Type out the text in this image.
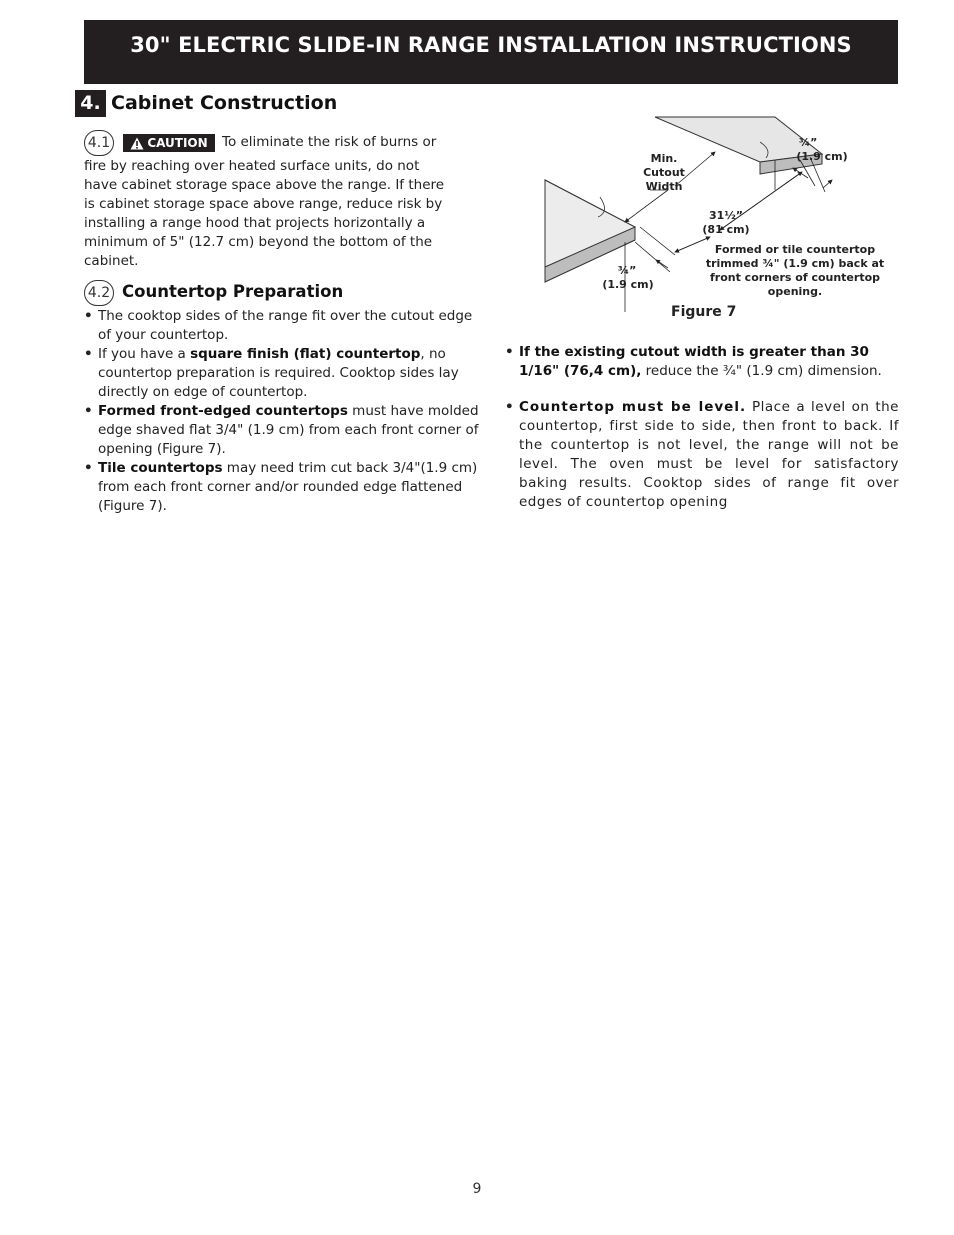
30" ELECTRIC SLIDE-IN RANGE INSTALLATION INSTRUCTIONS
4. Cabinet Construction
4.1	CAUTION To eliminate the risk of burns or
fire by reaching over heated surface units, do not have cabinet storage space above the range. If there is cabinet storage space above range, reduce risk by installing a range hood that projects horizontally a minimum of 5" (12.7 cm) beyond the bottom of the cabinet.
4.2 Countertop Preparation
• The cooktop sides of the range fit over the cutout edge of your countertop.
• If you have a square finish (flat) countertop, no countertop preparation is required. Cooktop sides lay directly on edge of countertop.
• Formed front-edged countertops must have molded edge shaved flat 3/4" (1.9 cm) from each front corner of opening (Figure 7).
• Tile countertops may need trim cut back 3/4"(1.9 cm) from each front corner and/or rounded edge flattened (Figure 7).
Min. Cutout Width
¾”
(1.9 cm)
31½”
(81 cm)
Formed or tile countertop trimmed ¾" (1.9 cm) back at front corners of countertop opening.
¾”
(1.9 cm)
Figure 7
• If the existing cutout width is greater than 30 1/16" (76,4 cm), reduce the ¾" (1.9 cm) dimension.
• Countertop must be level. Place a level on the countertop, first side to side, then front to back. If the countertop is not level, the range will not be level. The oven must be level for satisfactory baking results. Cooktop sides of range fit over edges of countertop opening
9
